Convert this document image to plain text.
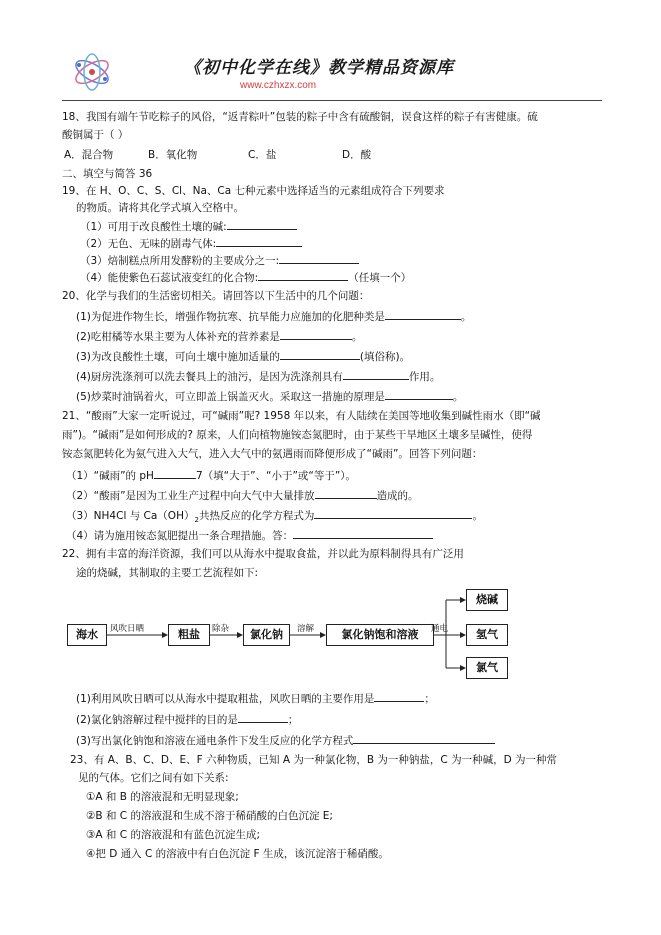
《初中化学在线》教学精品资源库
www.czhxzx.com
18、我国有端午节吃粽子的风俗，“返青粽叶”包装的粽子中含有硫酸铜，误食这样的粽子有害健康。硫
酸铜属于（ ）
A．混合物	B．氧化物	C．盐	D．酸
二、填空与简答 36
19、在 H、O、C、S、Cl、Na、Ca 七种元素中选择适当的元素组成符合下列要求
的物质。请将其化学式填入空格中。
（1）可用于改良酸性土壤的碱:
（2）无色、无味的剧毒气体:
（3）焙制糕点所用发酵粉的主要成分之一:
（4）能使紫色石蕊试液变红的化合物:	（任填一个）
20、化学与我们的生活密切相关。请回答以下生活中的几个问题：
(1)为促进作物生长，增强作物抗寒、抗旱能力应施加的化肥种类是	。
(2)吃柑橘等水果主要为人体补充的营养素是	。
(3)为改良酸性土壤，可向土壤中施加适量的	(填俗称)。
(4)厨房洗涤剂可以洗去餐具上的油污，是因为洗涤剂具有	作用。
(5)炒菜时油锅着火，可立即盖上锅盖灭火。采取这一措施的原理是	。
21、“酸雨”大家一定听说过，可“碱雨”呢? 1958 年以来，有人陆续在美国等地收集到碱性雨水（即“碱
雨”)。“碱雨”是如何形成的? 原来，人们向植物施铵态氮肥时，由于某些干旱地区土壤多呈碱性，使得
铵态氮肥转化为氨气进入大气，进入大气中的氨遇雨而降便形成了“碱雨”。回答下列问题：
（1）“碱雨”的 pH	7（填“大于”、“小于”或“等于”）。
（2）“酸雨”是因为工业生产过程中向大气中大量排放	造成的。
（3）NH4Cl 与 $Ca(OH)_2$共热反应的化学方程式为	。
（4）请为施用铵态氮肥提出一条合理措施。答：
22、拥有丰富的海洋资源，我们可以从海水中提取食盐，并以此为原料制得具有广泛用
途的烧碱，其制取的主要工艺流程如下:
海水	粗盐	氯化钠	氯化钠饱和溶液
烧碱
氢气
氯气
风吹日晒	除杂	溶解	通电
(1)利用风吹日晒可以从海水中提取粗盐，风吹日晒的主要作用是	；
(2)氯化钠溶解过程中搅拌的目的是	；
(3)写出氯化钠饱和溶液在通电条件下发生反应的化学方程式
23、有 A、B、C、D、E、F 六种物质，已知 A 为一种氯化物，B 为一种钠盐，C 为一种碱，D 为一种常
见的气体。它们之间有如下关系:
①A 和 B 的溶液混和无明显现象;
②B 和 C 的溶液混和生成不溶于稀硝酸的白色沉淀 E;
③A 和 C 的溶液混和有蓝色沉淀生成;
④把 D 通入 C 的溶液中有白色沉淀 F 生成，该沉淀溶于稀硝酸。
